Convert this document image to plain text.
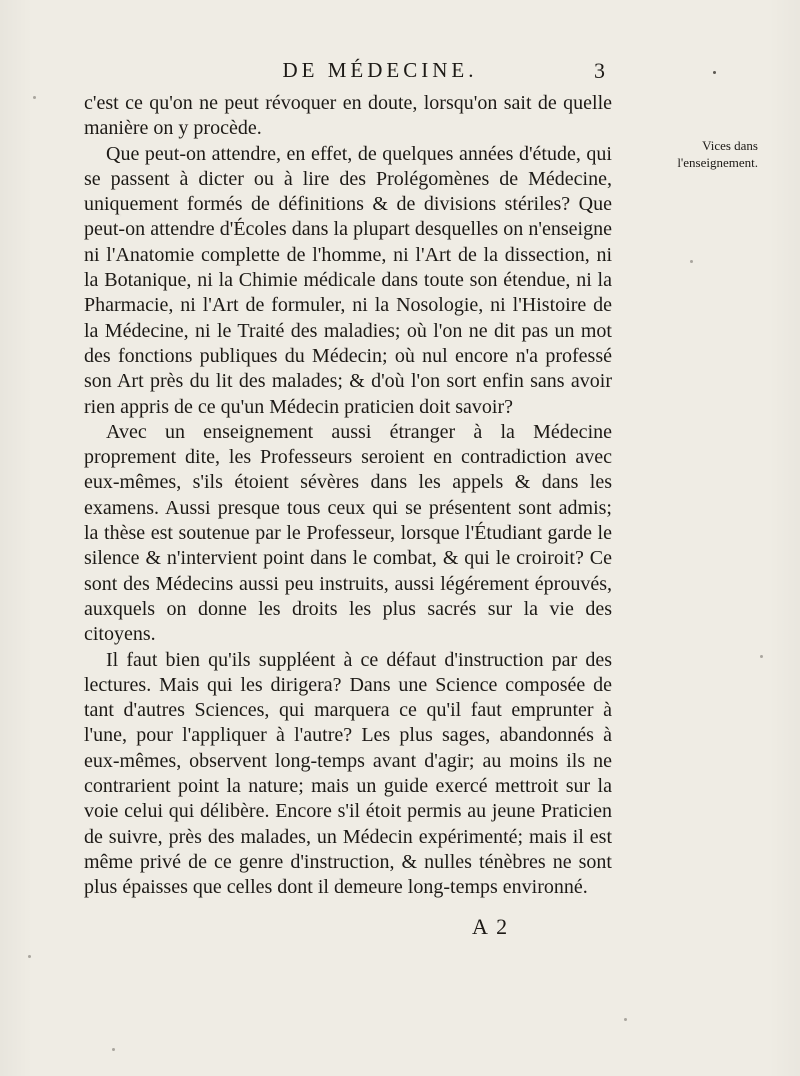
DE MÉDECINE.	3
Vices dans l'enseignement.

c'est ce qu'on ne peut révoquer en doute, lorsqu'on sait de quelle manière on y procède.

Que peut-on attendre, en effet, de quelques années d'étude, qui se passent à dicter ou à lire des Prolégomènes de Médecine, uniquement formés de définitions & de divisions stériles? Que peut-on attendre d'Écoles dans la plupart desquelles on n'enseigne ni l'Anatomie complette de l'homme, ni l'Art de la dissection, ni la Botanique, ni la Chimie médicale dans toute son étendue, ni la Pharmacie, ni l'Art de formuler, ni la Nosologie, ni l'Histoire de la Médecine, ni le Traité des maladies; où l'on ne dit pas un mot des fonctions publiques du Médecin; où nul encore n'a professé son Art près du lit des malades; & d'où l'on sort enfin sans avoir rien appris de ce qu'un Médecin praticien doit savoir?

Avec un enseignement aussi étranger à la Médecine proprement dite, les Professeurs seroient en contradiction avec eux-mêmes, s'ils étoient sévères dans les appels & dans les examens. Aussi presque tous ceux qui se présentent sont admis; la thèse est soutenue par le Professeur, lorsque l'Étudiant garde le silence & n'intervient point dans le combat, & qui le croiroit? Ce sont des Médecins aussi peu instruits, aussi légérement éprouvés, auxquels on donne les droits les plus sacrés sur la vie des citoyens.

Il faut bien qu'ils suppléent à ce défaut d'instruction par des lectures. Mais qui les dirigera? Dans une Science composée de tant d'autres Sciences, qui marquera ce qu'il faut emprunter à l'une, pour l'appliquer à l'autre? Les plus sages, abandonnés à eux-mêmes, observent long-temps avant d'agir; au moins ils ne contrarient point la nature; mais un guide exercé mettroit sur la voie celui qui délibère. Encore s'il étoit permis au jeune Praticien de suivre, près des malades, un Médecin expérimenté; mais il est même privé de ce genre d'instruction, & nulles ténèbres ne sont plus épaisses que celles dont il demeure long-temps environné.

A 2
